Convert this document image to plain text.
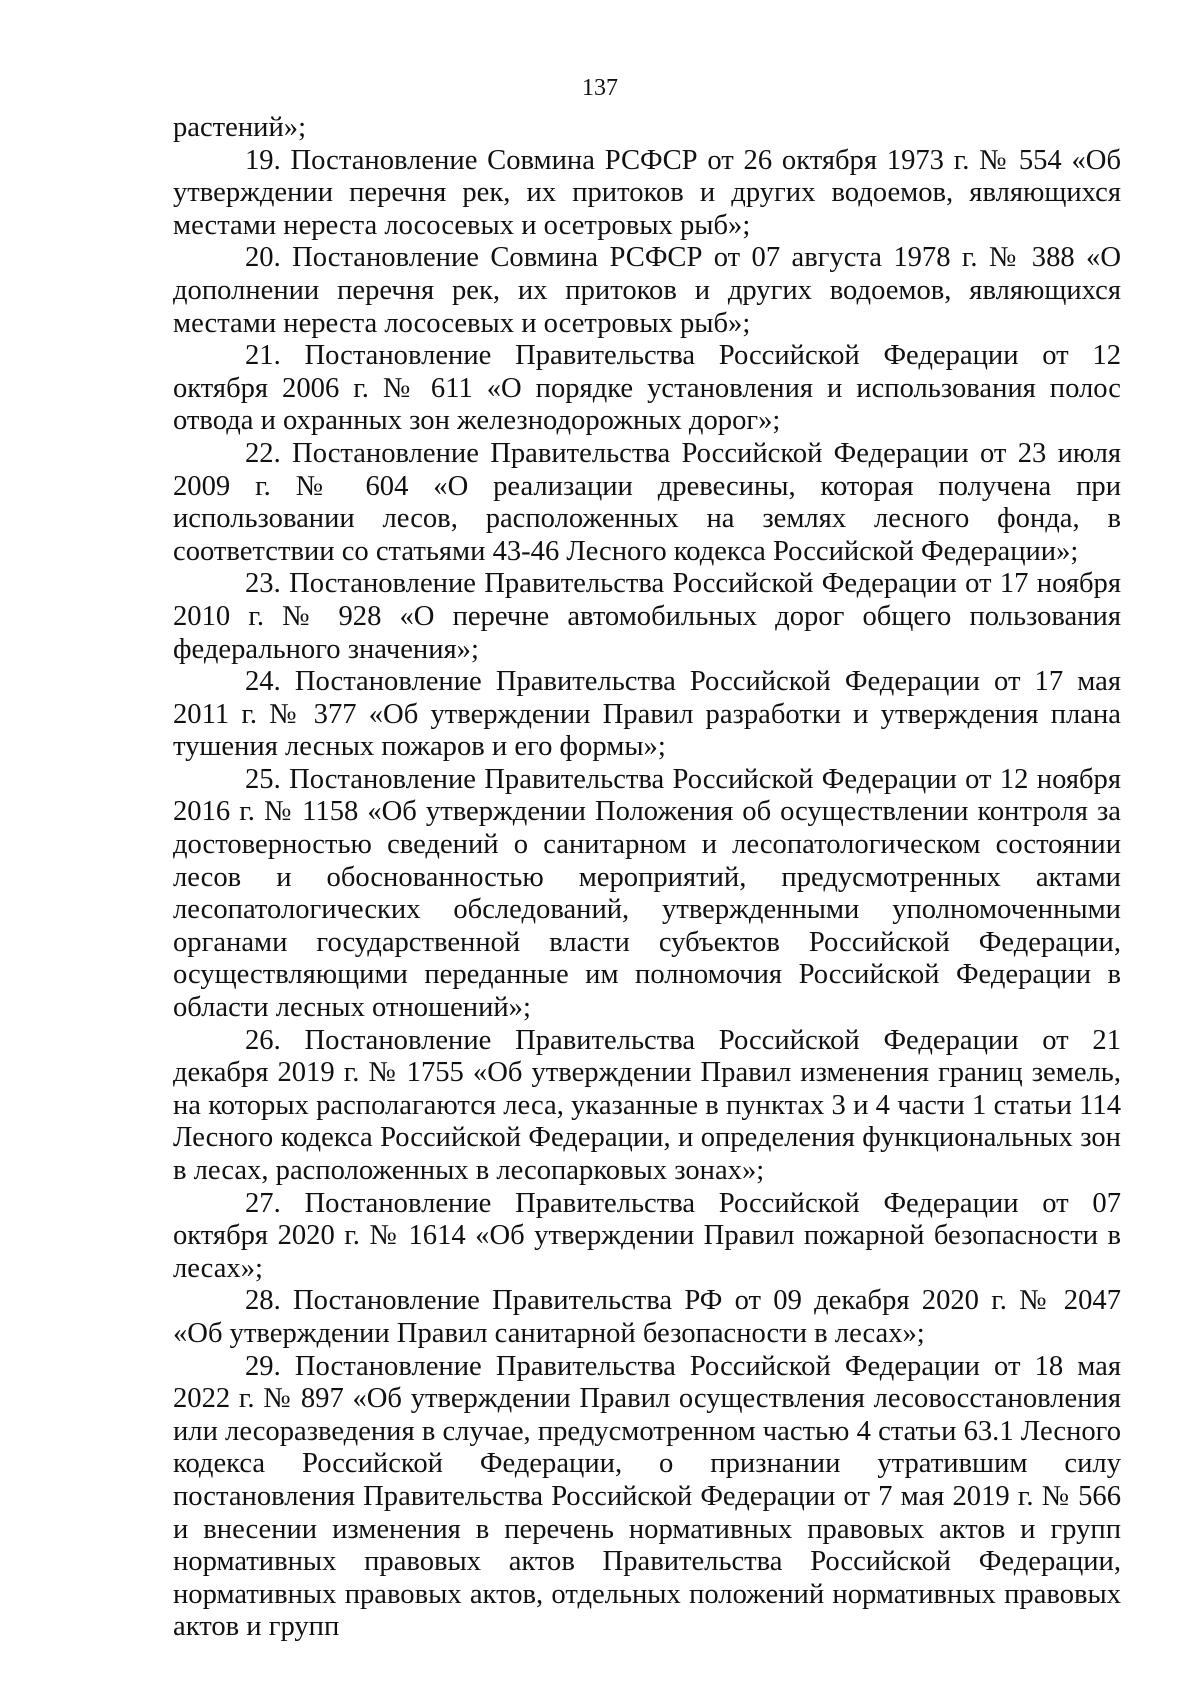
137

растений»;

19. Постановление Совмина РСФСР от 26 октября 1973 г. № 554 «Об утверждении перечня рек, их притоков и других водоемов, являющихся местами нереста лососевых и осетровых рыб»;

20. Постановление Совмина РСФСР от 07 августа 1978 г. № 388 «О дополнении перечня рек, их притоков и других водоемов, являющихся местами нереста лососевых и осетровых рыб»;

21. Постановление Правительства Российской Федерации от 12 октября 2006 г. № 611 «О порядке установления и использования полос отвода и охранных зон железнодорожных дорог»;

22. Постановление Правительства Российской Федерации от 23 июля 2009 г. № 604 «О реализации древесины, которая получена при использовании лесов, расположенных на землях лесного фонда, в соответствии со статьями 43-46 Лесного кодекса Российской Федерации»;

23. Постановление Правительства Российской Федерации от 17 ноября 2010 г. № 928 «О перечне автомобильных дорог общего пользования федерального значения»;

24. Постановление Правительства Российской Федерации от 17 мая 2011 г. № 377 «Об утверждении Правил разработки и утверждения плана тушения лесных пожаров и его формы»;

25. Постановление Правительства Российской Федерации от 12 ноября 2016 г. № 1158 «Об утверждении Положения об осуществлении контроля за достоверностью сведений о санитарном и лесопатологическом состоянии лесов и обоснованностью мероприятий, предусмотренных актами лесопатологических обследований, утвержденными уполномоченными органами государственной власти субъектов Российской Федерации, осуществляющими переданные им полномочия Российской Федерации в области лесных отношений»;

26. Постановление Правительства Российской Федерации от 21 декабря 2019 г. № 1755 «Об утверждении Правил изменения границ земель, на которых располагаются леса, указанные в пунктах 3 и 4 части 1 статьи 114 Лесного кодекса Российской Федерации, и определения функциональных зон в лесах, расположенных в лесопарковых зонах»;

27. Постановление Правительства Российской Федерации от 07 октября 2020 г. № 1614 «Об утверждении Правил пожарной безопасности в лесах»;

28. Постановление Правительства РФ от 09 декабря 2020 г. № 2047 «Об утверждении Правил санитарной безопасности в лесах»;

29. Постановление Правительства Российской Федерации от 18 мая 2022 г. № 897 «Об утверждении Правил осуществления лесовосстановления или лесоразведения в случае, предусмотренном частью 4 статьи 63.1 Лесного кодекса Российской Федерации, о признании утратившим силу постановления Правительства Российской Федерации от 7 мая 2019 г. № 566 и внесении изменения в перечень нормативных правовых актов и групп нормативных правовых актов Правительства Российской Федерации, нормативных правовых актов, отдельных положений нормативных правовых актов и групп
